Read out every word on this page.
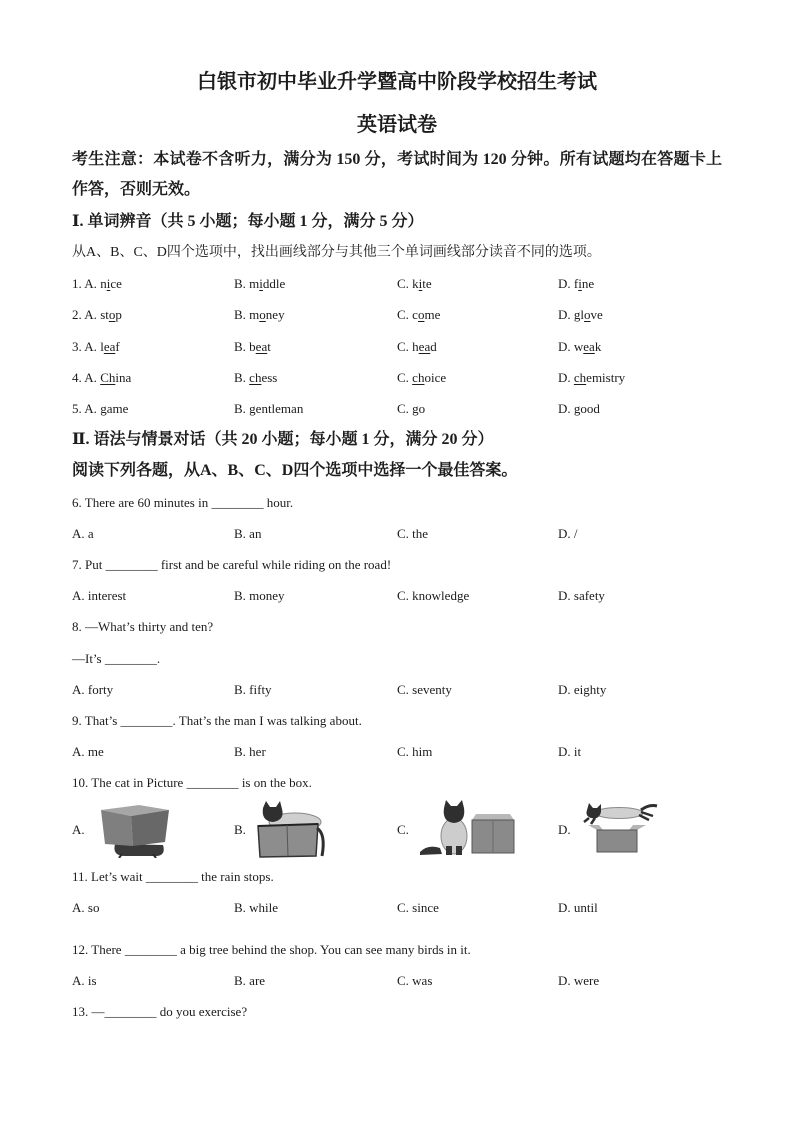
白银市初中毕业升学暨高中阶段学校招生考试
英语试卷

考生注意：本试卷不含听力，满分为 150 分，考试时间为 120 分钟。所有试题均在答题卡上作答，否则无效。

Ⅰ. 单词辨音（共 5 小题；每小题 1 分，满分 5 分）
从A、B、C、D四个选项中，找出画线部分与其他三个单词画线部分读音不同的选项。
1. A. nice	B. middle	C. kite	D. fine
2. A. stop	B. money	C. come	D. glove
3. A. leaf	B. beat	C. head	D. weak
4. A. China	B. chess	C. choice	D. chemistry
5. A. game	B. gentleman	C. go	D. good
Ⅱ. 语法与情景对话（共 20 小题；每小题 1 分，满分 20 分）
阅读下列各题，从A、B、C、D四个选项中选择一个最佳答案。
6. There are 60 minutes in ________ hour.
A. a	B. an	C. the	D. /
7. Put ________ first and be careful while riding on the road!
A. interest	B. money	C. knowledge	D. safety
8. —What’s thirty and ten?
—It’s ________.
A. forty	B. fifty	C. seventy	D. eighty
9. That’s ________. That’s the man I was talking about.
A. me	B. her	C. him	D. it
10. The cat in Picture ________ is on the box.
A.	B.	C.	D.
11. Let’s wait ________ the rain stops.
A. so	B. while	C. since	D. until
12. There ________ a big tree behind the shop. You can see many birds in it.
A. is	B. are	C. was	D. were
13. —________ do you exercise?
